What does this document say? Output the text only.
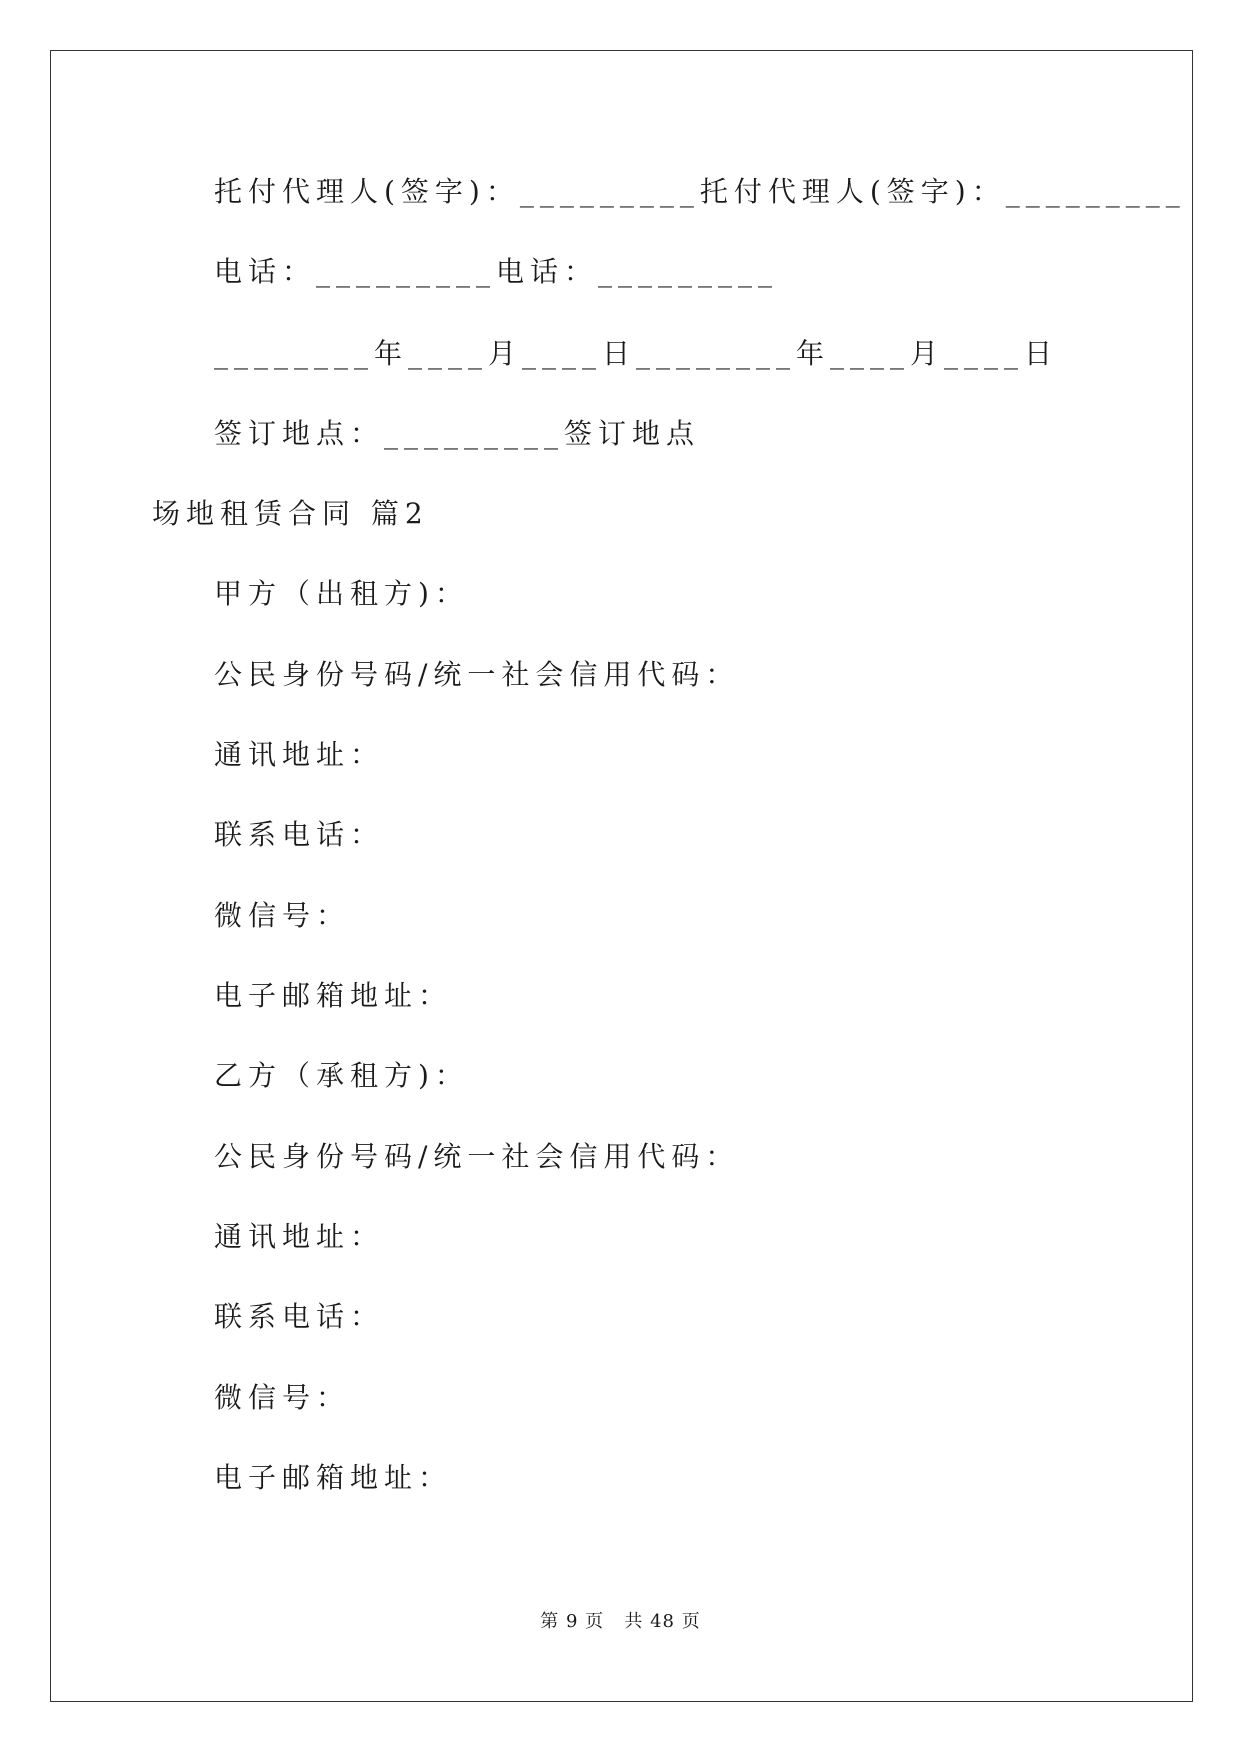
托付代理人(签字)：_________托付代理人(签字)：_________
电话：_________电话：_________
________年____月____日________年____月____日
签订地点：_________签订地点
场地租赁合同 篇2
甲方（出租方)：
公民身份号码/统一社会信用代码：
通讯地址：
联系电话：
微信号：
电子邮箱地址：
乙方（承租方)：
公民身份号码/统一社会信用代码：
通讯地址：
联系电话：
微信号：
电子邮箱地址：
第 9 页   共 48 页
